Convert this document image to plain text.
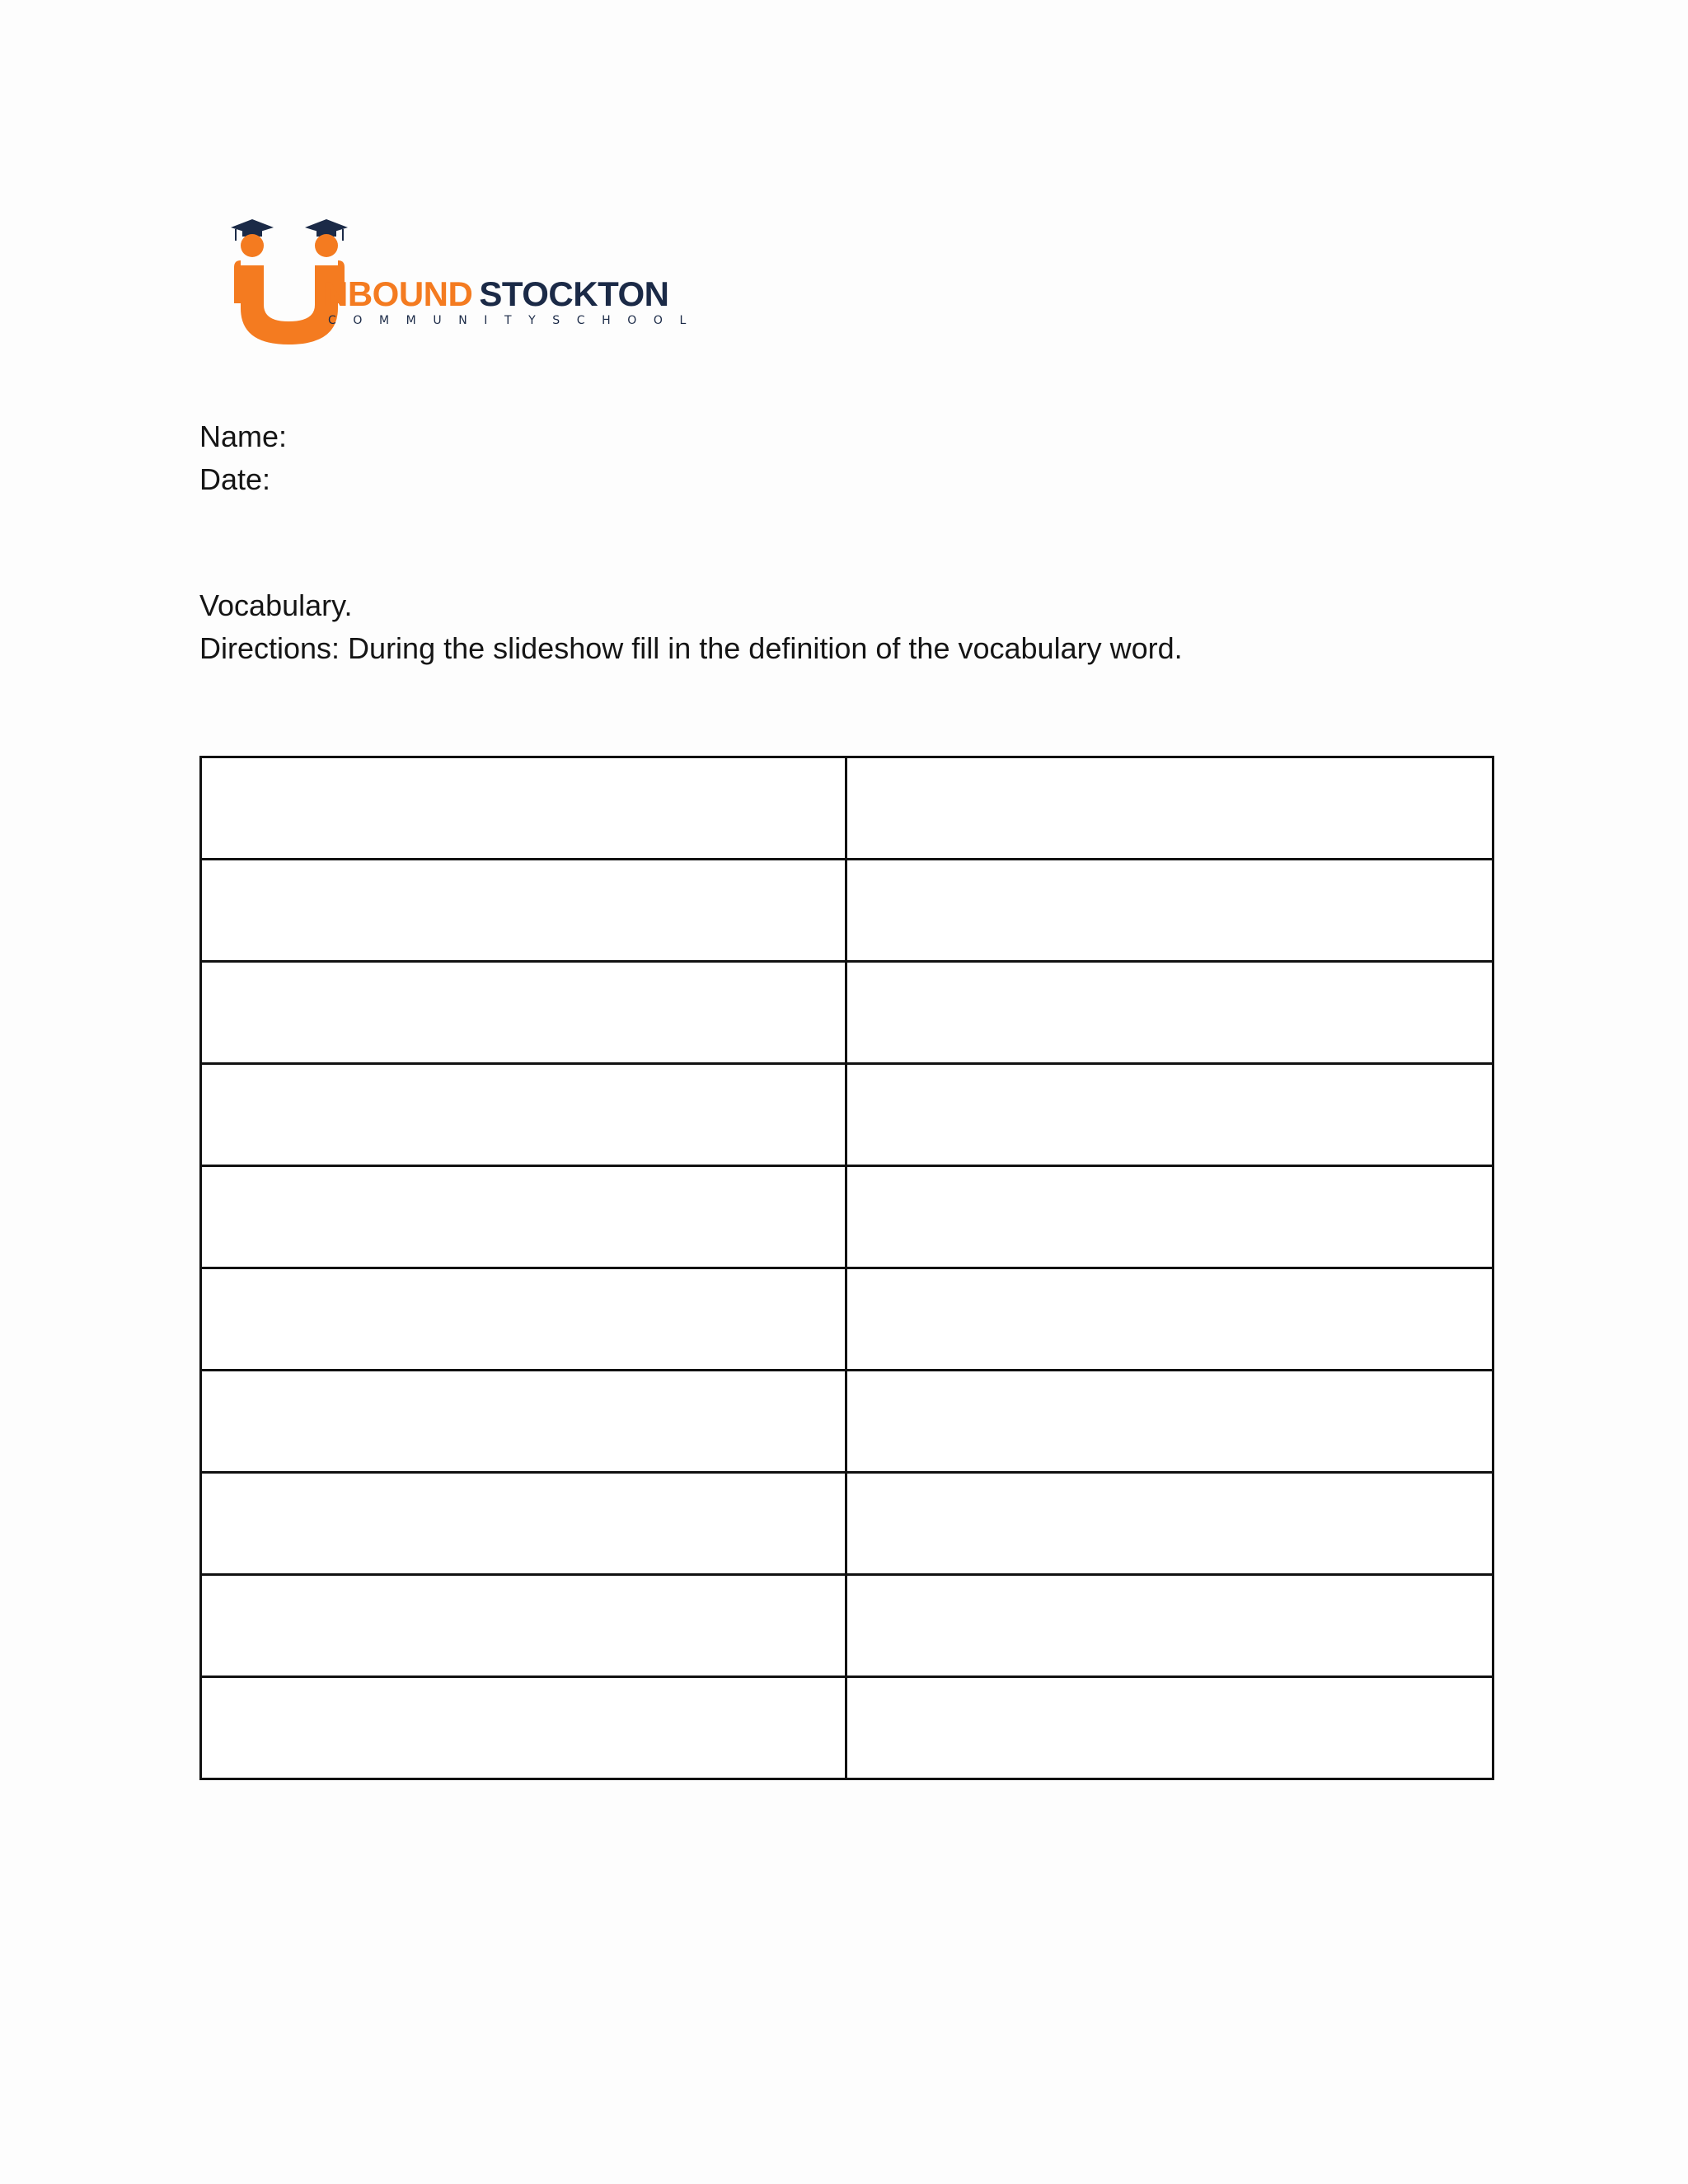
NBOUND STOCKTON
COMMUNITYSCHOOL
Name:
Date:
Vocabulary.
Directions: During the slideshow fill in the definition of the vocabulary word.
